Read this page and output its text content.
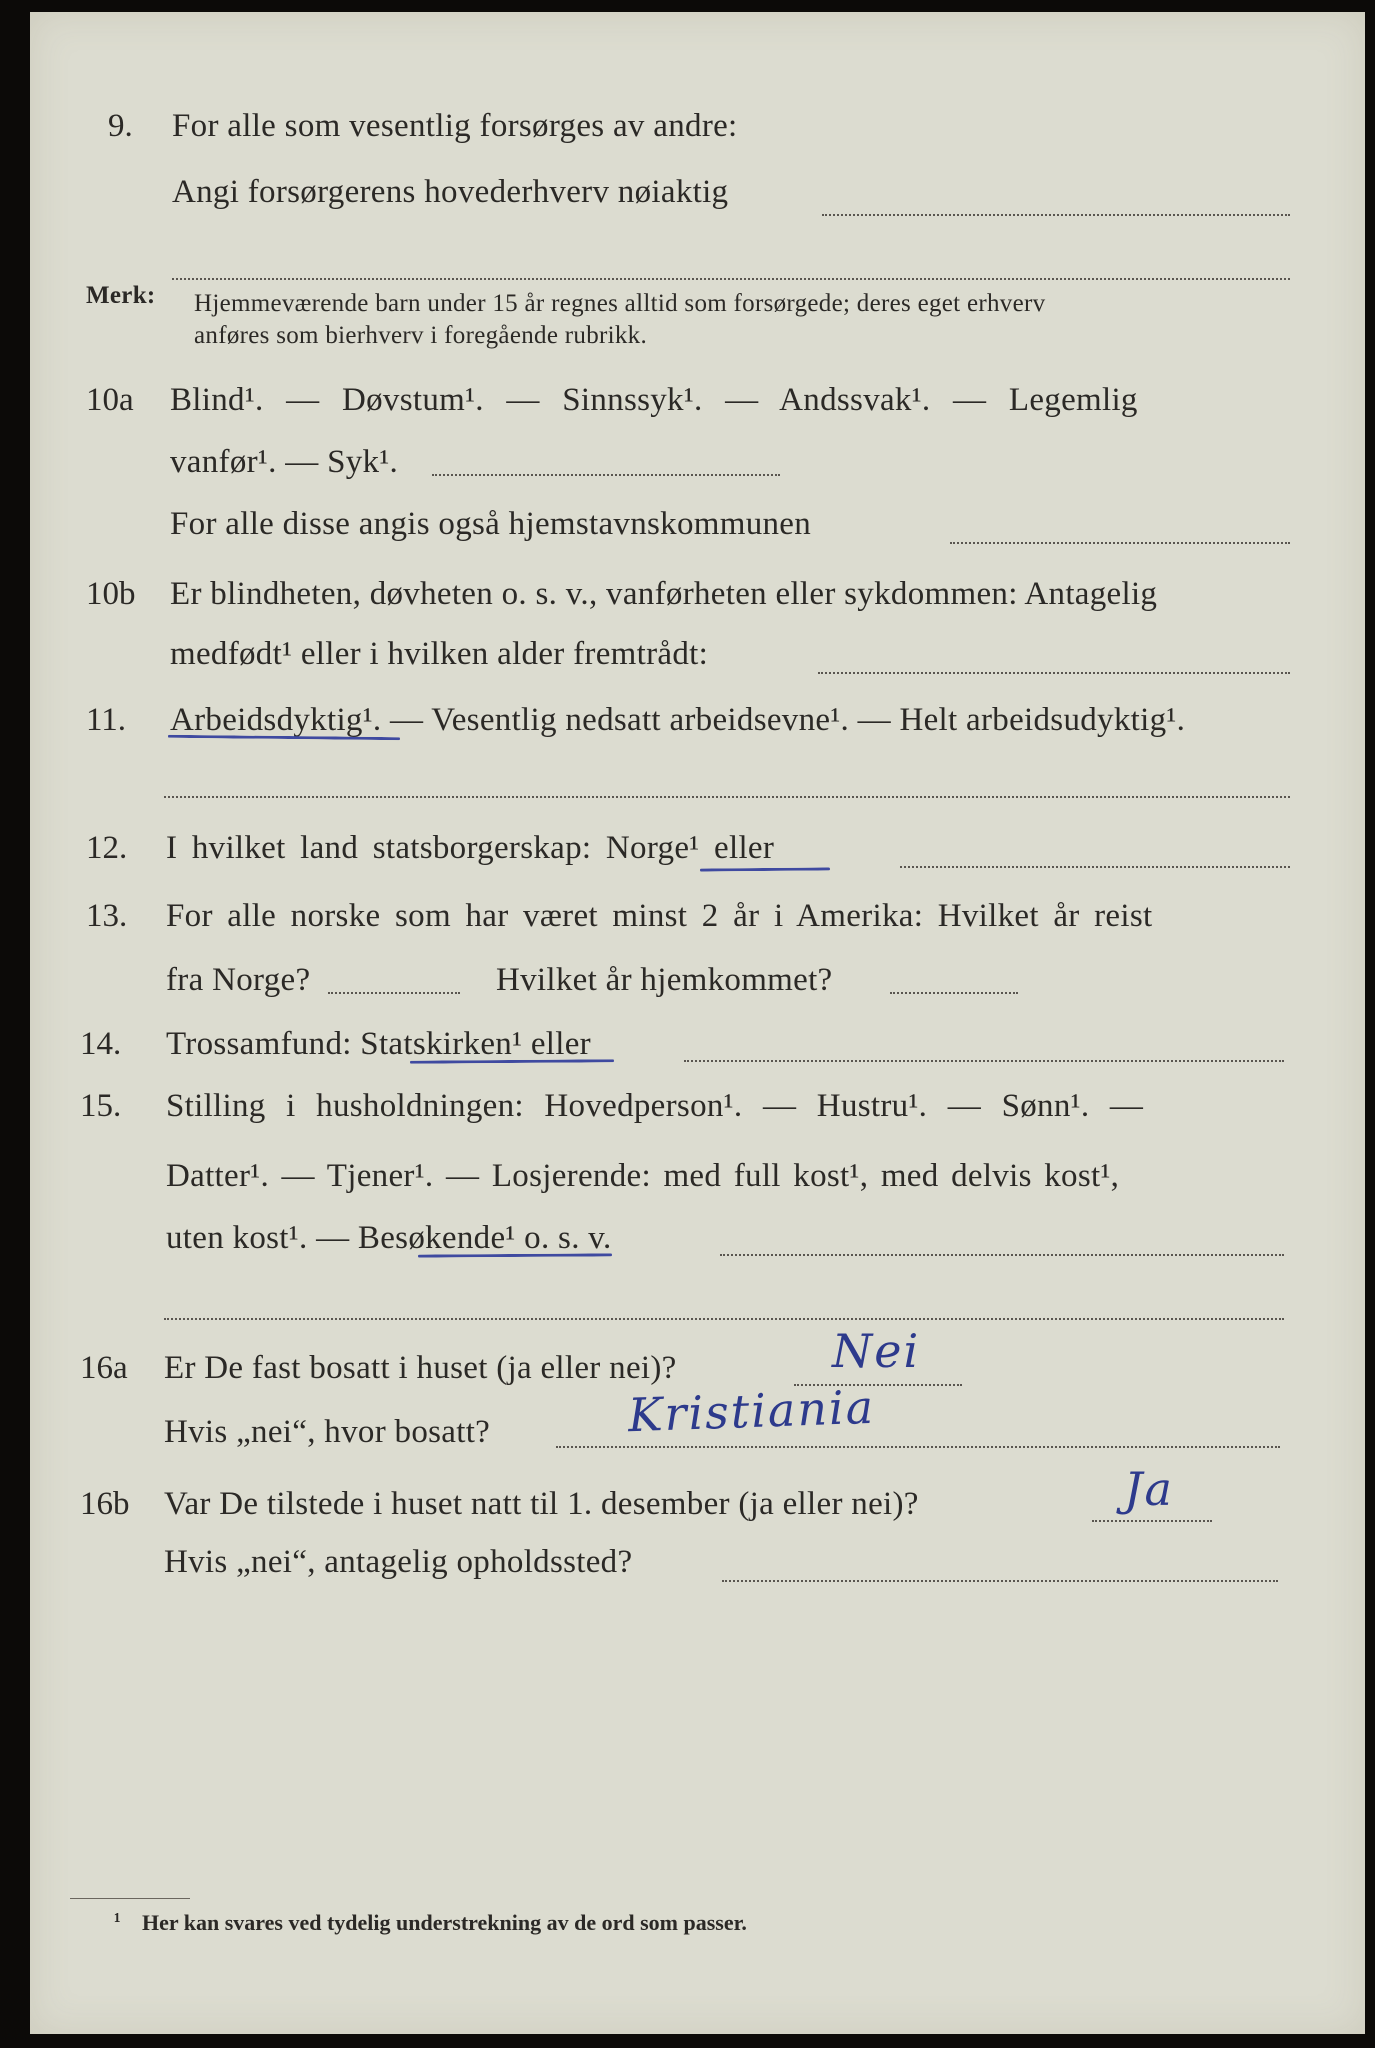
9. For alle som vesentlig forsørges av andre:
Angi forsørgerens hovederhverv nøiaktig
Merk: Hjemmeværende barn under 15 år regnes alltid som forsørgede; deres eget erhverv
anføres som bierhverv i foregående rubrikk.
10a Blind¹. — Døvstum¹. — Sinnssyk¹. — Andssvak¹. — Legemlig
vanfør¹. — Syk¹.
For alle disse angis også hjemstavnskommunen
10b Er blindheten, døvheten o. s. v., vanførheten eller sykdommen: Antagelig
medfødt¹ eller i hvilken alder fremtrådt:
11. Arbeidsdyktig¹. — Vesentlig nedsatt arbeidsevne¹. — Helt arbeidsudyktig¹.
12. I hvilket land statsborgerskap: Norge¹ eller
13. For alle norske som har været minst 2 år i Amerika: Hvilket år reist
fra Norge?	Hvilket år hjemkommet?
14. Trossamfund: Statskirken¹ eller
15. Stilling i husholdningen: Hovedperson¹. — Hustru¹. — Sønn¹. —
Datter¹. — Tjener¹. — Losjerende: med full kost¹, med delvis kost¹,
uten kost¹. — Besøkende¹ o. s. v.
16a Er De fast bosatt i huset (ja eller nei)?	Nei
Hvis „nei“, hvor bosatt?	Kristiania
16b Var De tilstede i huset natt til 1. desember (ja eller nei)?	Ja
Hvis „nei“, antagelig opholdssted?
¹ Her kan svares ved tydelig understrekning av de ord som passer.
